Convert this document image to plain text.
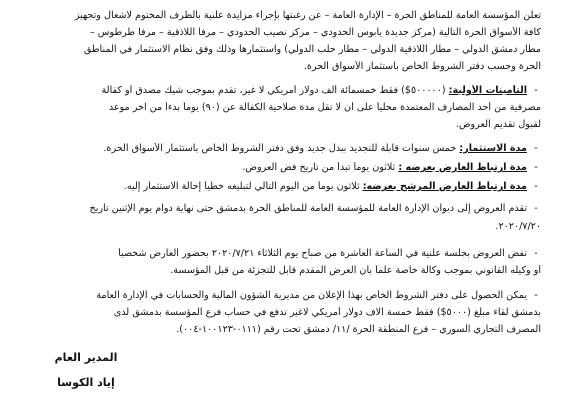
تعلن المؤسسة العامة للمناطق الحرة – الإدارة العامة – عن رغبتها بإجراء مزايدة علنية بالظرف المختوم لاشغال وتجهيز
كافة الأسواق الحرة التالية (مركز جديدة يابوس الحدودي – مركز نصيب الحدودي – مرفأ اللاذقية – مرفأ طرطوس –
مطار دمشق الدولي – مطار اللاذقية الدولي – مطار حلب الدولي) واستثمارها وذلك وفق نظام الاستثمار في المناطق
الحرة وحسب دفتر الشروط الخاص باستثمار الأسواق الحرة.
-
التأمينات الأولية: (٥٠٠٠٠٠$) فقط خمسمائة ألف دولار أمريكي لا غير، تقدم بموجب شيك مصدق أو كفالة
مصرفية من أحد المصارف المعتمدة محلياً على أن لا تقل مدة صلاحية الكفالة عن (٩٠) يوماً بدءاً من آخر موعد
لقبول تقديم العروض.
-
مدة الاستثمار: خمس سنوات قابلة للتجديد ببدل جديد وفق دفتر الشروط الخاص باستثمار الأسواق الحرة.
-
مدة ارتباط العارض بعرضه : ثلاثون يوماً تبدأ من تاريخ فض العروض.
-
مدة ارتباط العارض المرشح بعرضه: ثلاثون يوماً من اليوم التالي لتبليغه خطياً إحالة الاستثمار إليه.
-
تقدم العروض إلى ديوان الإدارة العامة للمؤسسة العامة للمناطق الحرة بدمشق حتى نهاية دوام يوم الإثنين تاريخ
٢٠٢٠/٧/٢٠.
-
تفض العروض بجلسة علنية في الساعة العاشرة من صباح يوم الثلاثاء ٢٠٢٠/٧/٢١ بحضور العارض شخصياً
أو وكيله القانوني بموجب وكالة خاصة علماً بأن العرض المقدم قابل للتجزئة من قبل المؤسسة.
-
يمكن الحصول على دفتر الشروط الخاص بهذا الإعلان من مديرية الشؤون المالية والحسابات في الإدارة العامة
بدمشق لقاء مبلغ (٥٠٠٠$) فقط خمسة آلاف دولار أمريكي لاغير تدفع في حساب فرع المؤسسة بدمشق لدى
المصرف التجاري السوري – فرع المنطقة الحرة /١١/ دمشق تحت رقم (٠١١١-١٠٠١٢٣-٠٠٤).
المدير العام
إياد الكوسا
